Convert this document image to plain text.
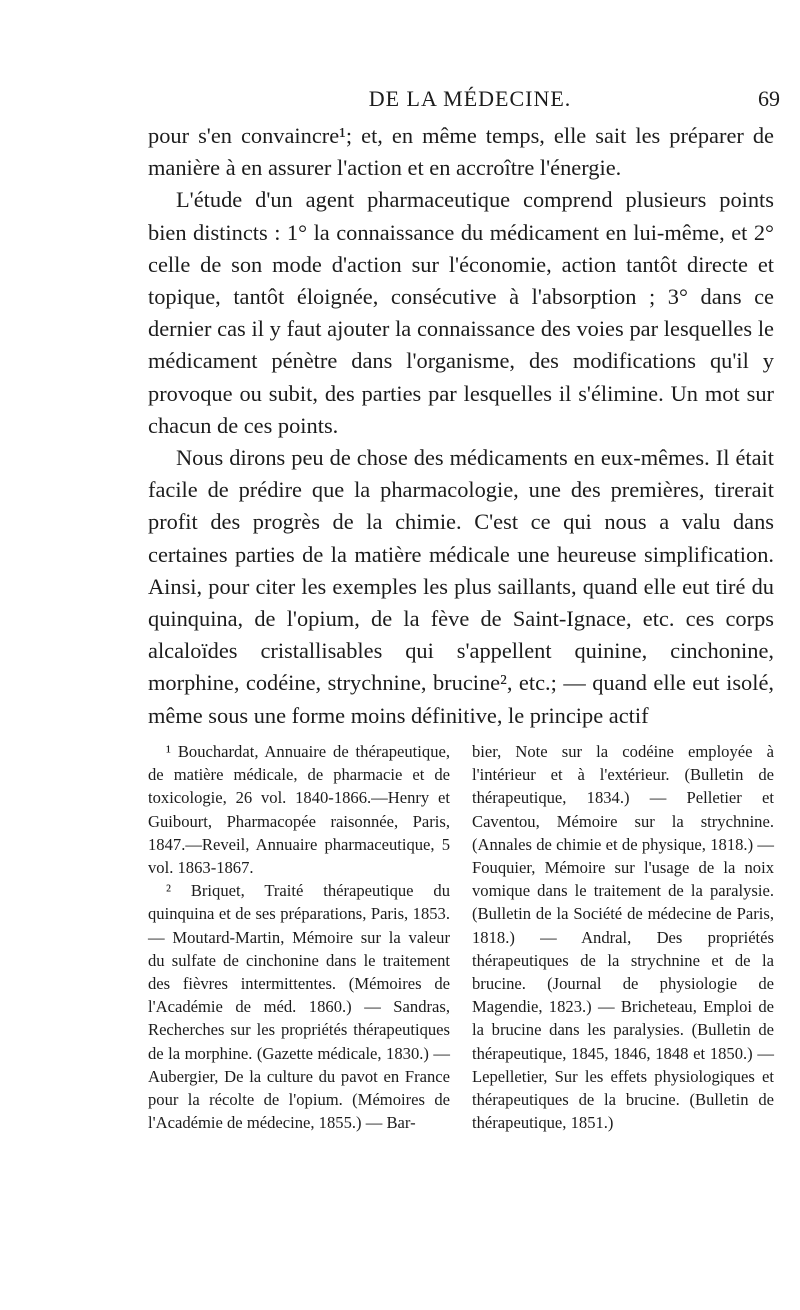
DE LA MÉDECINE.	69

pour s'en convaincre¹; et, en même temps, elle sait les préparer de manière à en assurer l'action et en accroître l'énergie.

L'étude d'un agent pharmaceutique comprend plusieurs points bien distincts : 1° la connaissance du médicament en lui-même, et 2° celle de son mode d'action sur l'économie, action tantôt directe et topique, tantôt éloignée, consécutive à l'absorption ; 3° dans ce dernier cas il y faut ajouter la connaissance des voies par lesquelles le médicament pénètre dans l'organisme, des modifications qu'il y provoque ou subit, des parties par lesquelles il s'élimine. Un mot sur chacun de ces points.

Nous dirons peu de chose des médicaments en eux-mêmes. Il était facile de prédire que la pharmacologie, une des premières, tirerait profit des progrès de la chimie. C'est ce qui nous a valu dans certaines parties de la matière médicale une heureuse simplification. Ainsi, pour citer les exemples les plus saillants, quand elle eut tiré du quinquina, de l'opium, de la fève de Saint-Ignace, etc. ces corps alcaloïdes cristallisables qui s'appellent quinine, cinchonine, morphine, codéine, strychnine, brucine², etc.; — quand elle eut isolé, même sous une forme moins définitive, le principe actif

¹ Bouchardat, Annuaire de thérapeutique, de matière médicale, de pharmacie et de toxicologie, 26 vol. 1840-1866.—Henry et Guibourt, Pharmacopée raisonnée, Paris, 1847.—Reveil, Annuaire pharmaceutique, 5 vol. 1863-1867.

² Briquet, Traité thérapeutique du quinquina et de ses préparations, Paris, 1853. — Moutard-Martin, Mémoire sur la valeur du sulfate de cinchonine dans le traitement des fièvres intermittentes. (Mémoires de l'Académie de méd. 1860.) — Sandras, Recherches sur les propriétés thérapeutiques de la morphine. (Gazette médicale, 1830.) — Aubergier, De la culture du pavot en France pour la récolte de l'opium. (Mémoires de l'Académie de médecine, 1855.) — Bar-

bier, Note sur la codéine employée à l'intérieur et à l'extérieur. (Bulletin de thérapeutique, 1834.) — Pelletier et Caventou, Mémoire sur la strychnine. (Annales de chimie et de physique, 1818.) — Fouquier, Mémoire sur l'usage de la noix vomique dans le traitement de la paralysie. (Bulletin de la Société de médecine de Paris, 1818.) — Andral, Des propriétés thérapeutiques de la strychnine et de la brucine. (Journal de physiologie de Magendie, 1823.) — Bricheteau, Emploi de la brucine dans les paralysies. (Bulletin de thérapeutique, 1845, 1846, 1848 et 1850.) — Lepelletier, Sur les effets physiologiques et thérapeutiques de la brucine. (Bulletin de thérapeutique, 1851.)
